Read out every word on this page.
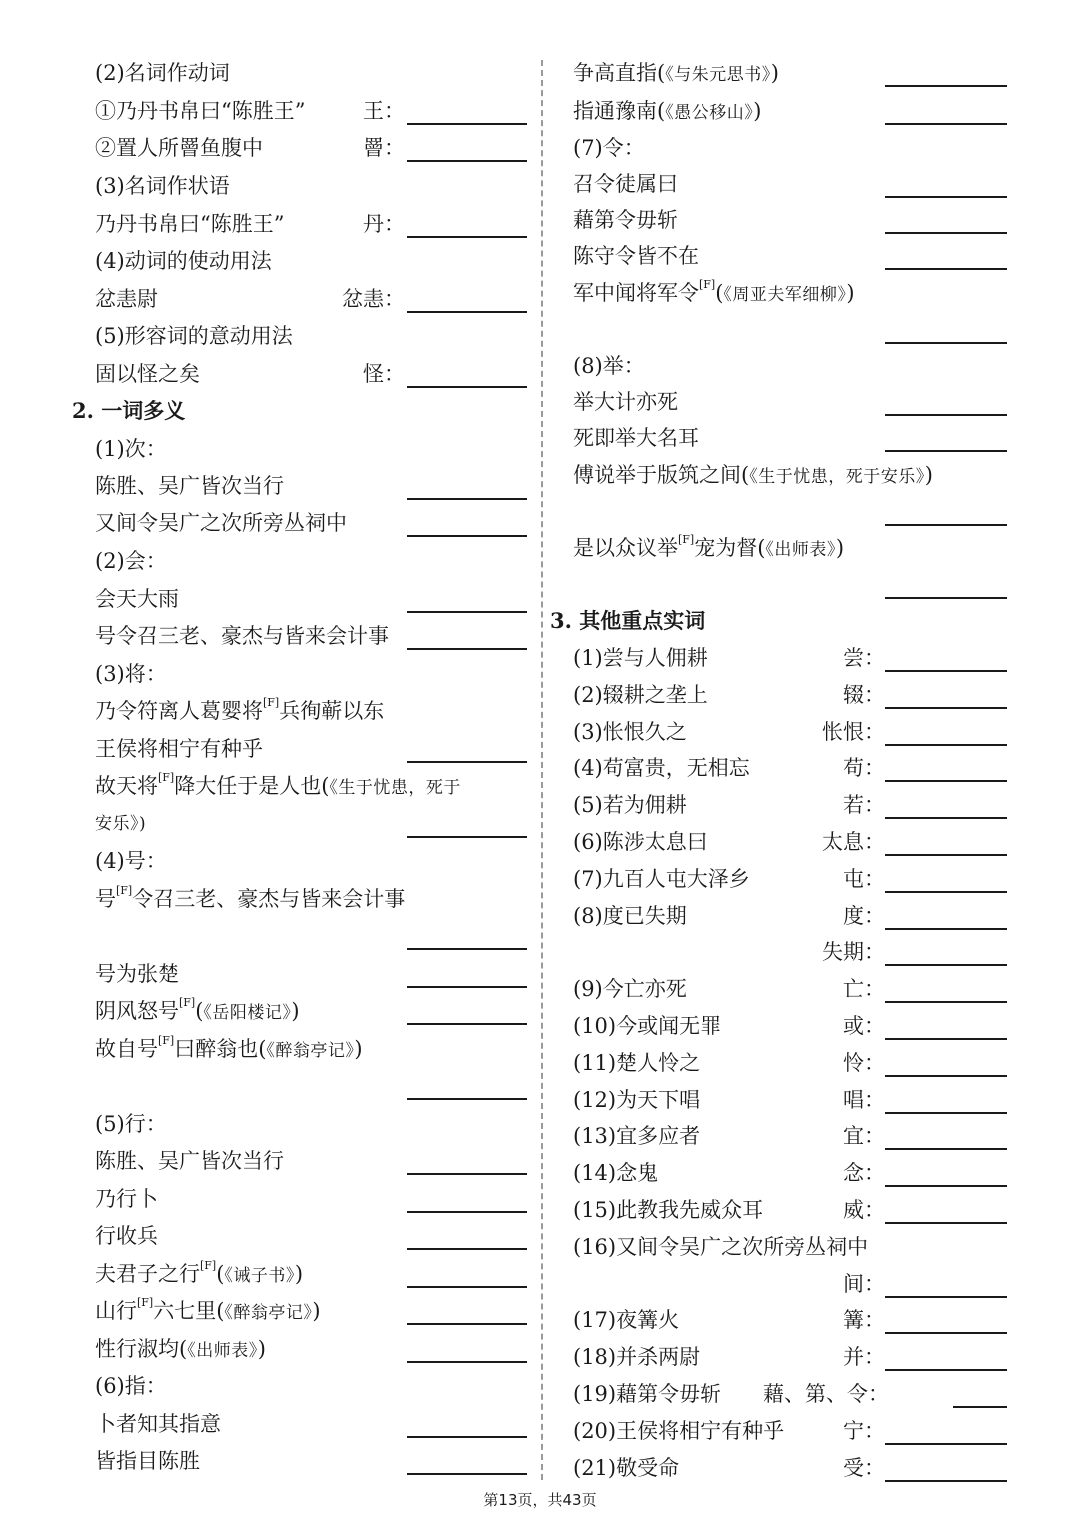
(2)名词作动词
①乃丹书帛曰“陈胜王”	王：
②置人所罾鱼腹中	罾：
(3)名词作状语
乃丹书帛曰“陈胜王”	丹：
(4)动词的使动用法
忿恚尉	忿恚：
(5)形容词的意动用法
固以怪之矣	怪：
2. 一词多义
(1)次：
陈胜、吴广皆次当行
又间令吴广之次所旁丛祠中
(2)会：
会天大雨
号令召三老、豪杰与皆来会计事
(3)将：
乃令符离人葛婴将[F]兵徇蕲以东
王侯将相宁有种乎
故天将[F]降大任于是人也(《生于忧患，死于
安乐》)
(4)号：
号[F]令召三老、豪杰与皆来会计事
号为张楚
阴风怒号[F](《岳阳楼记》)
故自号[F]曰醉翁也(《醉翁亭记》)
(5)行：
陈胜、吴广皆次当行
乃行卜
行收兵
夫君子之行[F](《诫子书》)
山行[F]六七里(《醉翁亭记》)
性行淑均(《出师表》)
(6)指：
卜者知其指意
皆指目陈胜
争高直指(《与朱元思书》)
指通豫南(《愚公移山》)
(7)令：
召令徒属曰
藉第令毋斩
陈守令皆不在
军中闻将军令[F](《周亚夫军细柳》)
(8)举：
举大计亦死
死即举大名耳
傅说举于版筑之间(《生于忧患，死于安乐》)
是以众议举[F]宠为督(《出师表》)
3. 其他重点实词
(1)尝与人佣耕	尝：
(2)辍耕之垄上	辍：
(3)怅恨久之	怅恨：
(4)苟富贵，无相忘	苟：
(5)若为佣耕	若：
(6)陈涉太息曰	太息：
(7)九百人屯大泽乡	屯：
(8)度已失期	度：
失期：
(9)今亡亦死	亡：
(10)今或闻无罪	或：
(11)楚人怜之	怜：
(12)为天下唱	唱：
(13)宜多应者	宜：
(14)念鬼	念：
(15)此教我先威众耳	威：
(16)又间令吴广之次所旁丛祠中
间：
(17)夜篝火	篝：
(18)并杀两尉	并：
(19)藉第令毋斩 藉、第、令：
(20)王侯将相宁有种乎	宁：
(21)敬受命	受：
第13页，共43页
